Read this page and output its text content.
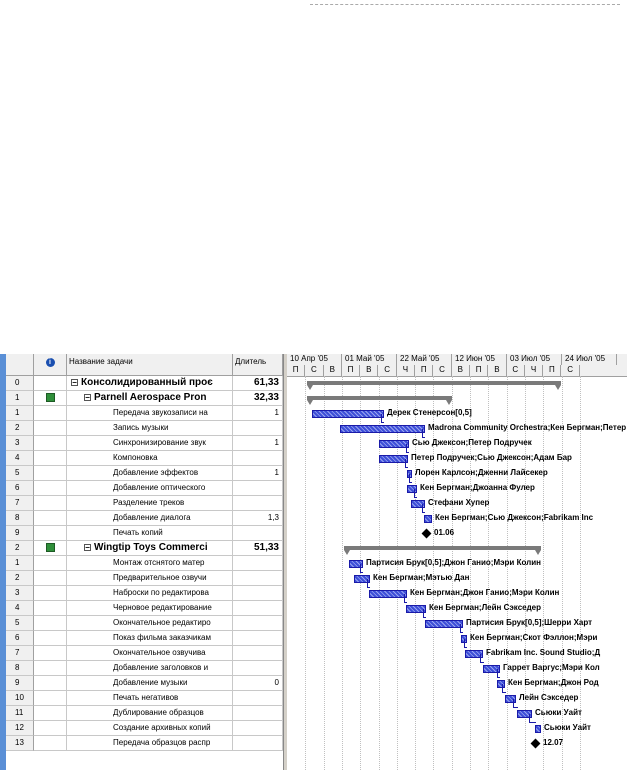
i	Название задачи	Длитель
0	− Консолидированный проє	61,33
1	− Parnell Aerospace Pron	32,33
1	Передача звукозаписи на	1
2	Запись музыки
3	Синхронизирование звук	1
4	Компоновка
5	Добавление эффектов	1
6	Добавление оптического
7	Разделение треков
8	Добавление диалога	1,3
9	Печать копий
2	− Wingtip Toys Commerci	51,33
1	Монтаж отснятого матер
2	Предварительное озвучи
3	Наброски по редактирова
4	Черновое редактирование
5	Окончательное редактиро
6	Показ фильма заказчикам
7	Окончательное озвучива
8	Добавление заголовков и
9	Добавление музыки	0
10	Печать негативов
11	Дублирование образцов
12	Создание архивных копий
13	Передача образцов распр
10 Апр '05	01 Май '05	22 Май '05	12 Июн '05	03 Июл '05	24 Июл '05
П	С	В	П	В	С	Ч	П	С	В	П	В	С	Ч	П	С
Дерек Стенерсон[0,5]
Madrona Community Orchestra;Кен Бергман;Петер
Сью Джексон;Петер Подручек
Петер Подручек;Сью Джексон;Адам Бар
Лорен Карлсон;Дженни Лайсекер
Кен Бергман;Джоанна Фулер
Стефани Хупер
Кен Бергман;Сью Джексон;Fabrikam Inc
01.06
Партисия Брук[0,5];Джон Ганио;Мэри Колин
Кен Бергман;Мэтью Дан
Кен Бергман;Джон Ганио;Мэри Колин
Кен Бергман;Лейн Сэкседер
Партисия Брук[0,5];Шерри Харт
Кен Бергман;Скот Фэллон;Мэри
Fabrikam Inc. Sound Studio;Д
Гаррет Варгус;Мэри Кол
Кен Бергман;Джон Род
Лейн Сэкседер
Сьюки Уайт
Сьюки Уайт
12.07
